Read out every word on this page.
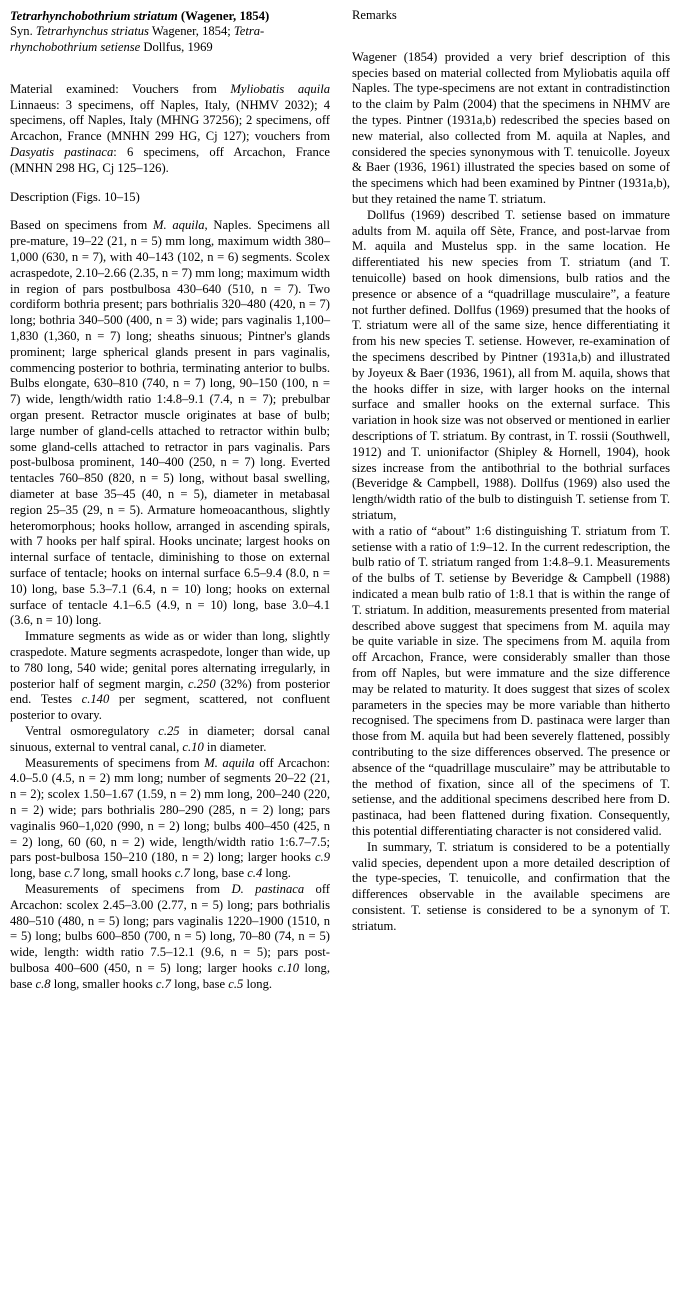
Tetrarhynchobothrium striatum (Wagener, 1854)

Syn. Tetrarhynchus striatus Wagener, 1854; Tetra-
rhynchobothrium setiense Dollfus, 1969

Material examined: Vouchers from Myliobatis aquila Linnaeus: 3 specimens, off Naples, Italy, (NHMV 2032); 4 specimens, off Naples, Italy (MHNG 37256); 2 specimens, off Arcachon, France (MNHN 299 HG, Cj 127); vouchers from Dasyatis pastinaca: 6 specimens, off Arcachon, France (MNHN 298 HG, Cj 125–126).

Description (Figs. 10–15)

Based on specimens from M. aquila, Naples. Specimens all pre-mature, 19–22 (21, n = 5) mm long, maximum width 380–1,000 (630, n = 7), with 40–143 (102, n = 6) segments. Scolex acraspedote, 2.10–2.66 (2.35, n = 7) mm long; maximum width in region of pars postbulbosa 430–640 (510, n = 7). Two cordiform bothria present; pars bothrialis 320–480 (420, n = 7) long; bothria 340–500 (400, n = 3) wide; pars vaginalis 1,100–1,830 (1,360, n = 7) long; sheaths sinuous; Pintner's glands prominent; large spherical glands present in pars vaginalis, commencing posterior to bothria, terminating anterior to bulbs. Bulbs elongate, 630–810 (740, n = 7) long, 90–150 (100, n = 7) wide, length/width ratio 1:4.8–9.1 (7.4, n = 7); prebulbar organ present. Retractor muscle originates at base of bulb; large number of gland-cells attached to retractor within bulb; some gland-cells attached to retractor in pars vaginalis. Pars post-bulbosa prominent, 140–400 (250, n = 7) long. Everted tentacles 760–850 (820, n = 5) long, without basal swelling, diameter at base 35–45 (40, n = 5), diameter in metabasal region 25–35 (29, n = 5). Armature homeoacanthous, slightly heteromorphous; hooks hollow, arranged in ascending spirals, with 7 hooks per half spiral. Hooks uncinate; largest hooks on internal surface of tentacle, diminishing to those on external surface of tentacle; hooks on internal surface 6.5–9.4 (8.0, n = 10) long, base 5.3–7.1 (6.4, n = 10) long; hooks on external surface of tentacle 4.1–6.5 (4.9, n = 10) long, base 3.0–4.1 (3.6, n = 10) long.

Immature segments as wide as or wider than long, slightly craspedote. Mature segments acraspedote, longer than wide, up to 780 long, 540 wide; genital pores alternating irregularly, in posterior half of segment margin, c.250 (32%) from posterior end. Testes c.140 per segment, scattered, not confluent posterior to ovary.

Ventral osmoregulatory c.25 in diameter; dorsal canal sinuous, external to ventral canal, c.10 in diameter.

Measurements of specimens from M. aquila off Arcachon: 4.0–5.0 (4.5, n = 2) mm long; number of segments 20–22 (21, n = 2); scolex 1.50–1.67 (1.59, n = 2) mm long, 200–240 (220, n = 2) wide; pars bothrialis 280–290 (285, n = 2) long; pars vaginalis 960–1,020 (990, n = 2) long; bulbs 400–450 (425, n = 2) long, 60 (60, n = 2) wide, length/width ratio 1:6.7–7.5; pars post-bulbosa 150–210 (180, n = 2) long; larger hooks c.9 long, base c.7 long, small hooks c.7 long, base c.4 long.

Measurements of specimens from D. pastinaca off Arcachon: scolex 2.45–3.00 (2.77, n = 5) long; pars bothrialis 480–510 (480, n = 5) long; pars vaginalis 1220–1900 (1510, n = 5) long; bulbs 600–850 (700, n = 5) long, 70–80 (74, n = 5) wide, length: width ratio 7.5–12.1 (9.6, n = 5); pars post-bulbosa 400–600 (450, n = 5) long; larger hooks c.10 long, base c.8 long, smaller hooks c.7 long, base c.5 long.

Remarks

Wagener (1854) provided a very brief description of this species based on material collected from Myliobatis aquila off Naples. The type-specimens are not extant in contradistinction to the claim by Palm (2004) that the specimens in NHMV are the types. Pintner (1931a,b) redescribed the species based on new material, also collected from M. aquila at Naples, and considered the species synonymous with T. tenuicolle. Joyeux & Baer (1936, 1961) illustrated the species based on some of the specimens which had been examined by Pintner (1931a,b), but they retained the name T. striatum.

Dollfus (1969) described T. setiense based on immature adults from M. aquila off Sète, France, and post-larvae from M. aquila and Mustelus spp. in the same location. He differentiated his new species from T. striatum (and T. tenuicolle) based on hook dimensions, bulb ratios and the presence or absence of a “quadrillage musculaire”, a feature not further defined. Dollfus (1969) presumed that the hooks of T. striatum were all of the same size, hence differentiating it from his new species T. setiense. However, re-examination of the specimens described by Pintner (1931a,b) and illustrated by Joyeux & Baer (1936, 1961), all from M. aquila, shows that the hooks differ in size, with larger hooks on the internal surface and smaller hooks on the external surface. This variation in hook size was not observed or mentioned in earlier descriptions of T. striatum. By contrast, in T. rossii (Southwell, 1912) and T. unionifactor (Shipley & Hornell, 1904), hook sizes increase from the antibothrial to the bothrial surfaces (Beveridge & Campbell, 1988). Dollfus (1969) also used the length/width ratio of the bulb to distinguish T. setiense from T. striatum,

with a ratio of “about” 1:6 distinguishing T. striatum from T. setiense with a ratio of 1:9–12. In the current redescription, the bulb ratio of T. striatum ranged from 1:4.8–9.1. Measurements of the bulbs of T. setiense by Beveridge & Campbell (1988) indicated a mean bulb ratio of 1:8.1 that is within the range of T. striatum. In addition, measurements presented from material described above suggest that specimens from M. aquila may be quite variable in size. The specimens from M. aquila from off Arcachon, France, were considerably smaller than those from off Naples, but were immature and the size difference may be related to maturity. It does suggest that sizes of scolex parameters in the species may be more variable than hitherto recognised. The specimens from D. pastinaca were larger than those from M. aquila but had been severely flattened, possibly contributing to the size differences observed. The presence or absence of the “quadrillage musculaire” may be attributable to the method of fixation, since all of the specimens of T. setiense, and the additional specimens described here from D. pastinaca, had been flattened during fixation. Consequently, this potential differentiating character is not considered valid.

In summary, T. striatum is considered to be a potentially valid species, dependent upon a more detailed description of the type-species, T. tenuicolle, and confirmation that the differences observable in the available specimens are consistent. T. setiense is considered to be a synonym of T. striatum.
